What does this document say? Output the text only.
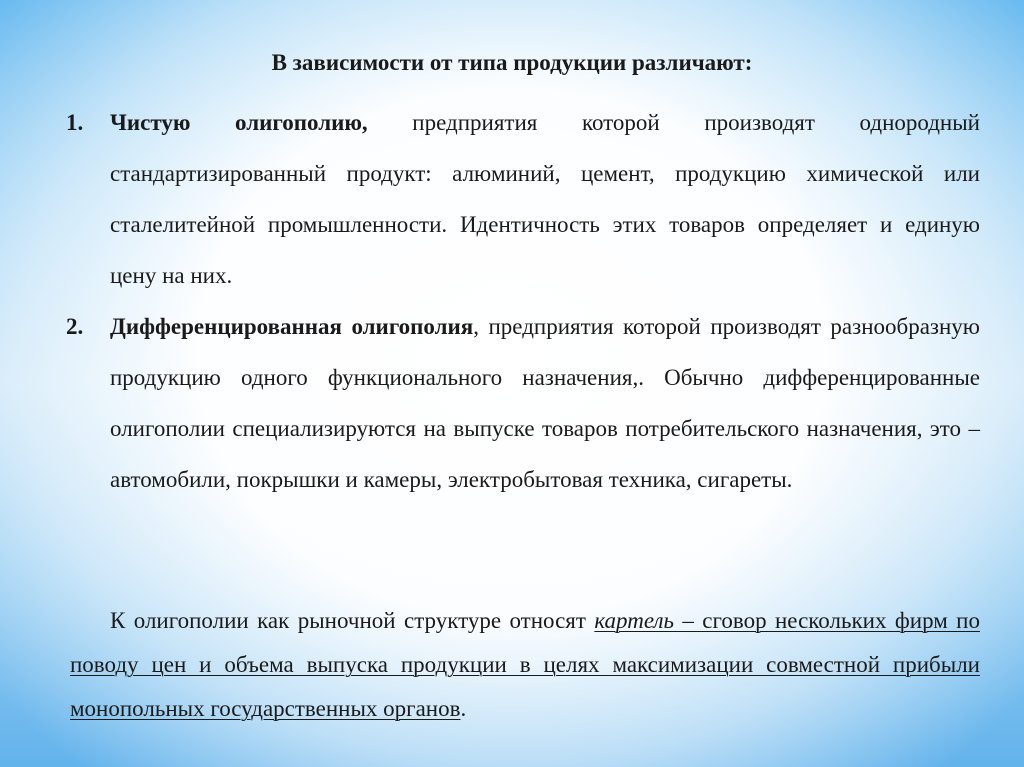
В зависимости от типа продукции различают:
1. Чистую олигополию, предприятия которой производят однородный стандартизированный продукт: алюминий, цемент, продукцию химической или сталелитейной промышленности. Идентичность этих товаров определяет и единую цену на них.
2. Дифференцированная олигополия, предприятия которой производят разнообразную продукцию одного функционального назначения,. Обычно дифференцированные олигополии специализируются на выпуске товаров потребительского назначения, это – автомобили, покрышки и камеры, электробытовая техника, сигареты.
К олигополии как рыночной структуре относят картель – сговор нескольких фирм по поводу цен и объема выпуска продукции в целях максимизации совместной прибыли монопольных государственных органов.
